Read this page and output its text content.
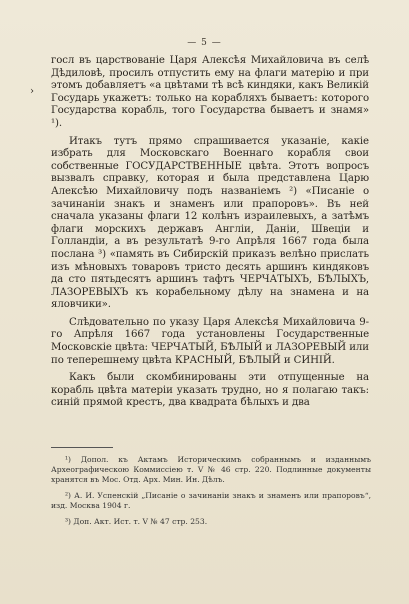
— 5 —
›

госл въ царствованіе Царя Алексѣя Михайловича въ селѣ Дѣдиловѣ, просилъ отпустить ему на флаги матерію и при этомъ добавляетъ «а цвѣтами тѣ всѣ киндяки, какъ Великій Государь укажетъ: только на корабляхъ бываетъ: которого Государства корабль, того Государства бываетъ и знамя» ¹).

Итакъ тутъ прямо спрашивается указаніе, какіе избрать для Московскаго Военнаго корабля свои собственные ГОСУДАРСТВЕННЫЕ цвѣта. Этотъ вопросъ вызвалъ справку, которая и была представлена Царю Алексѣю Михайловичу подъ названіемъ ²) «Писаніе о зачинаніи знакъ и знаменъ или прапоровъ». Въ ней сначала указаны флаги 12 колѣнъ израилевыхъ, а затѣмъ флаги морскихъ державъ Англіи, Даніи, Швеціи и Голландіи, а въ результатѣ 9-го Апрѣля 1667 года была послана ³) «память въ Сибирскій приказъ велѣно прислать изъ мѣновыхъ товаровъ тристо десять аршинъ киндяковъ да сто пятьдесятъ аршинъ тафтъ ЧЕРЧАТЫХЪ, БѢЛЫХЪ, ЛАЗОРЕВЫХЪ къ корабельному дѣлу на знамена и на яловчики».

Слѣдовательно по указу Царя Алексѣя Михайловича 9-го Апрѣля 1667 года установлены Государственные Московскіе цвѣта: ЧЕРЧАТЫЙ, БѢЛЫЙ и ЛАЗОРЕВЫЙ или по теперешнему цвѣта КРАСНЫЙ, БѢЛЫЙ и СИНІЙ.

Какъ были скомбинированы эти отпущенные на корабль цвѣта матеріи указать трудно, но я полагаю такъ: синій прямой крестъ, два квадрата бѣлыхъ и два

¹) Допол. къ Актамъ Историческимъ собраннымъ и изданнымъ Археографическою Коммиссіею т. V № 46 стр. 220. Подлинные документы хранятся въ Мос. Отд. Арх. Мин. Ин. Дѣлъ.

²) А. И. Успенскій „Писаніе о зачинаніи знакъ и знаменъ или прапоровъ“, изд. Москва 1904 г.

³) Доп. Акт. Ист. т. V № 47 стр. 253.
